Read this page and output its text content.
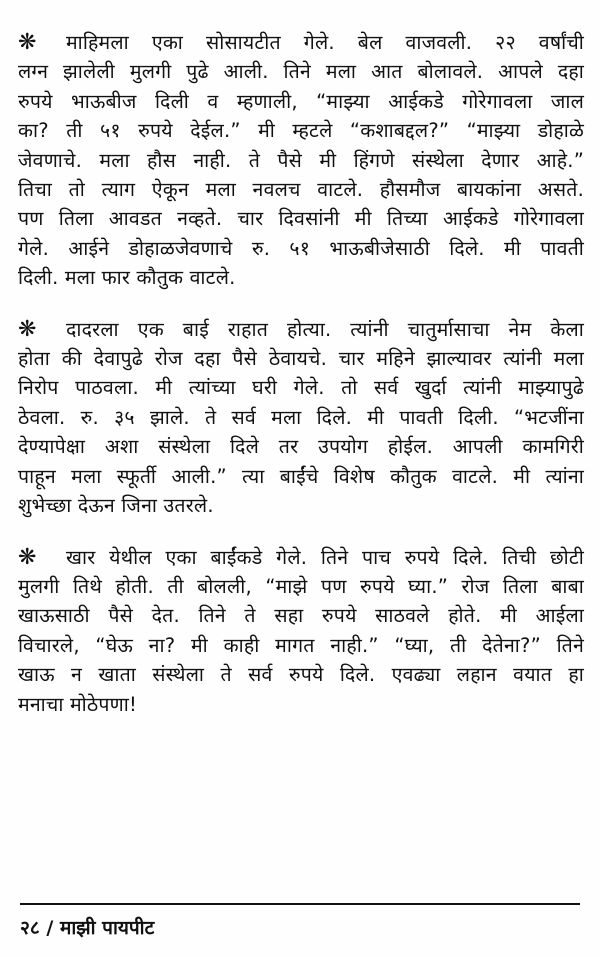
❋ माहिमला एका सोसायटीत गेले. बेल वाजवली. २२ वर्षांची
लग्न झालेली मुलगी पुढे आली. तिने मला आत बोलावले. आपले दहा
रुपये भाऊबीज दिली व म्हणाली, “माझ्या आईकडे गोरेगावला जाल
का? ती ५१ रुपये देईल.” मी म्हटले “कशाबद्दल?” “माझ्या डोहाळे
जेवणाचे. मला हौस नाही. ते पैसे मी हिंगणे संस्थेला देणार आहे.”
तिचा तो त्याग ऐकून मला नवलच वाटले. हौसमौज बायकांना असते.
पण तिला आवडत नव्हते. चार दिवसांनी मी तिच्या आईकडे गोरेगावला
गेले. आईने डोहाळजेवणाचे रु. ५१ भाऊबीजेसाठी दिले. मी पावती
दिली. मला फार कौतुक वाटले.
❋ दादरला एक बाई राहात होत्या. त्यांनी चातुर्मासाचा नेम केला
होता की देवापुढे रोज दहा पैसे ठेवायचे. चार महिने झाल्यावर त्यांनी मला
निरोप पाठवला. मी त्यांच्या घरी गेले. तो सर्व खुर्दा त्यांनी माझ्यापुढे
ठेवला. रु. ३५ झाले. ते सर्व मला दिले. मी पावती दिली. “भटजींना
देण्यापेक्षा अशा संस्थेला दिले तर उपयोग होईल. आपली कामगिरी
पाहून मला स्फूर्ती आली.” त्या बाईंचे विशेष कौतुक वाटले. मी त्यांना
शुभेच्छा देऊन जिना उतरले.
❋ खार येथील एका बाईंकडे गेले. तिने पाच रुपये दिले. तिची छोटी
मुलगी तिथे होती. ती बोलली, “माझे पण रुपये घ्या.” रोज तिला बाबा
खाऊसाठी पैसे देत. तिने ते सहा रुपये साठवले होते. मी आईला
विचारले, “घेऊ ना? मी काही मागत नाही.” “घ्या, ती देतेना?” तिने
खाऊ न खाता संस्थेला ते सर्व रुपये दिले. एवढ्या लहान वयात हा
मनाचा मोठेपणा!
२८ / माझी पायपीट
